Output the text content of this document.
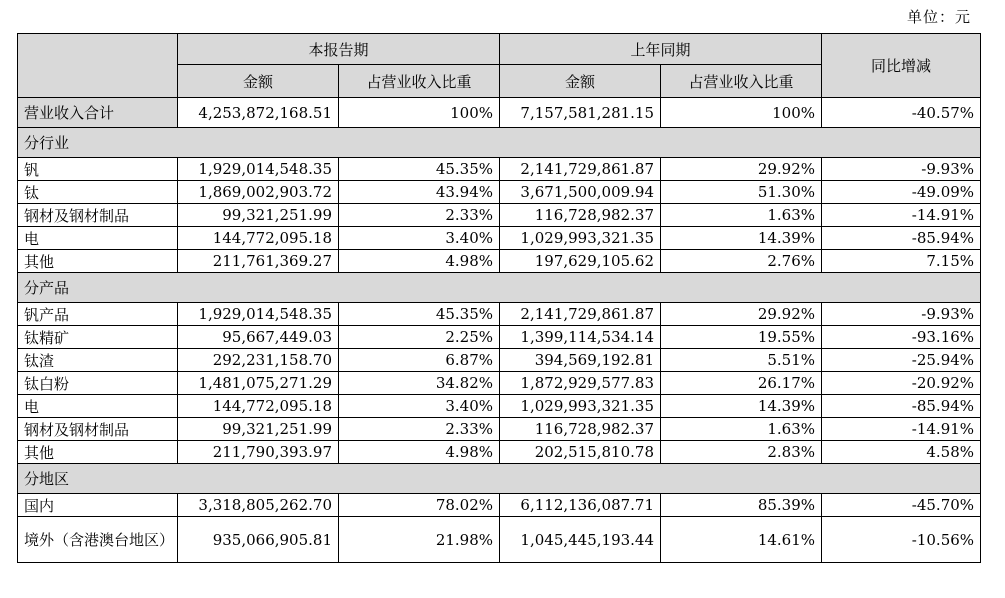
单位：元
	本报告期		上年同期		同比增减
	金额	占营业收入比重	金额	占营业收入比重	
营业收入合计	4,253,872,168.51	100%	7,157,581,281.15	100%	-40.57%
分行业					
钒	1,929,014,548.35	45.35%	2,141,729,861.87	29.92%	-9.93%
钛	1,869,002,903.72	43.94%	3,671,500,009.94	51.30%	-49.09%
钢材及钢材制品	99,321,251.99	2.33%	116,728,982.37	1.63%	-14.91%
电	144,772,095.18	3.40%	1,029,993,321.35	14.39%	-85.94%
其他	211,761,369.27	4.98%	197,629,105.62	2.76%	7.15%
分产品					
钒产品	1,929,014,548.35	45.35%	2,141,729,861.87	29.92%	-9.93%
钛精矿	95,667,449.03	2.25%	1,399,114,534.14	19.55%	-93.16%
钛渣	292,231,158.70	6.87%	394,569,192.81	5.51%	-25.94%
钛白粉	1,481,075,271.29	34.82%	1,872,929,577.83	26.17%	-20.92%
电	144,772,095.18	3.40%	1,029,993,321.35	14.39%	-85.94%
钢材及钢材制品	99,321,251.99	2.33%	116,728,982.37	1.63%	-14.91%
其他	211,790,393.97	4.98%	202,515,810.78	2.83%	4.58%
分地区					
国内	3,318,805,262.70	78.02%	6,112,136,087.71	85.39%	-45.70%
境外（含港澳台地区）	935,066,905.81	21.98%	1,045,445,193.44	14.61%	-10.56%
